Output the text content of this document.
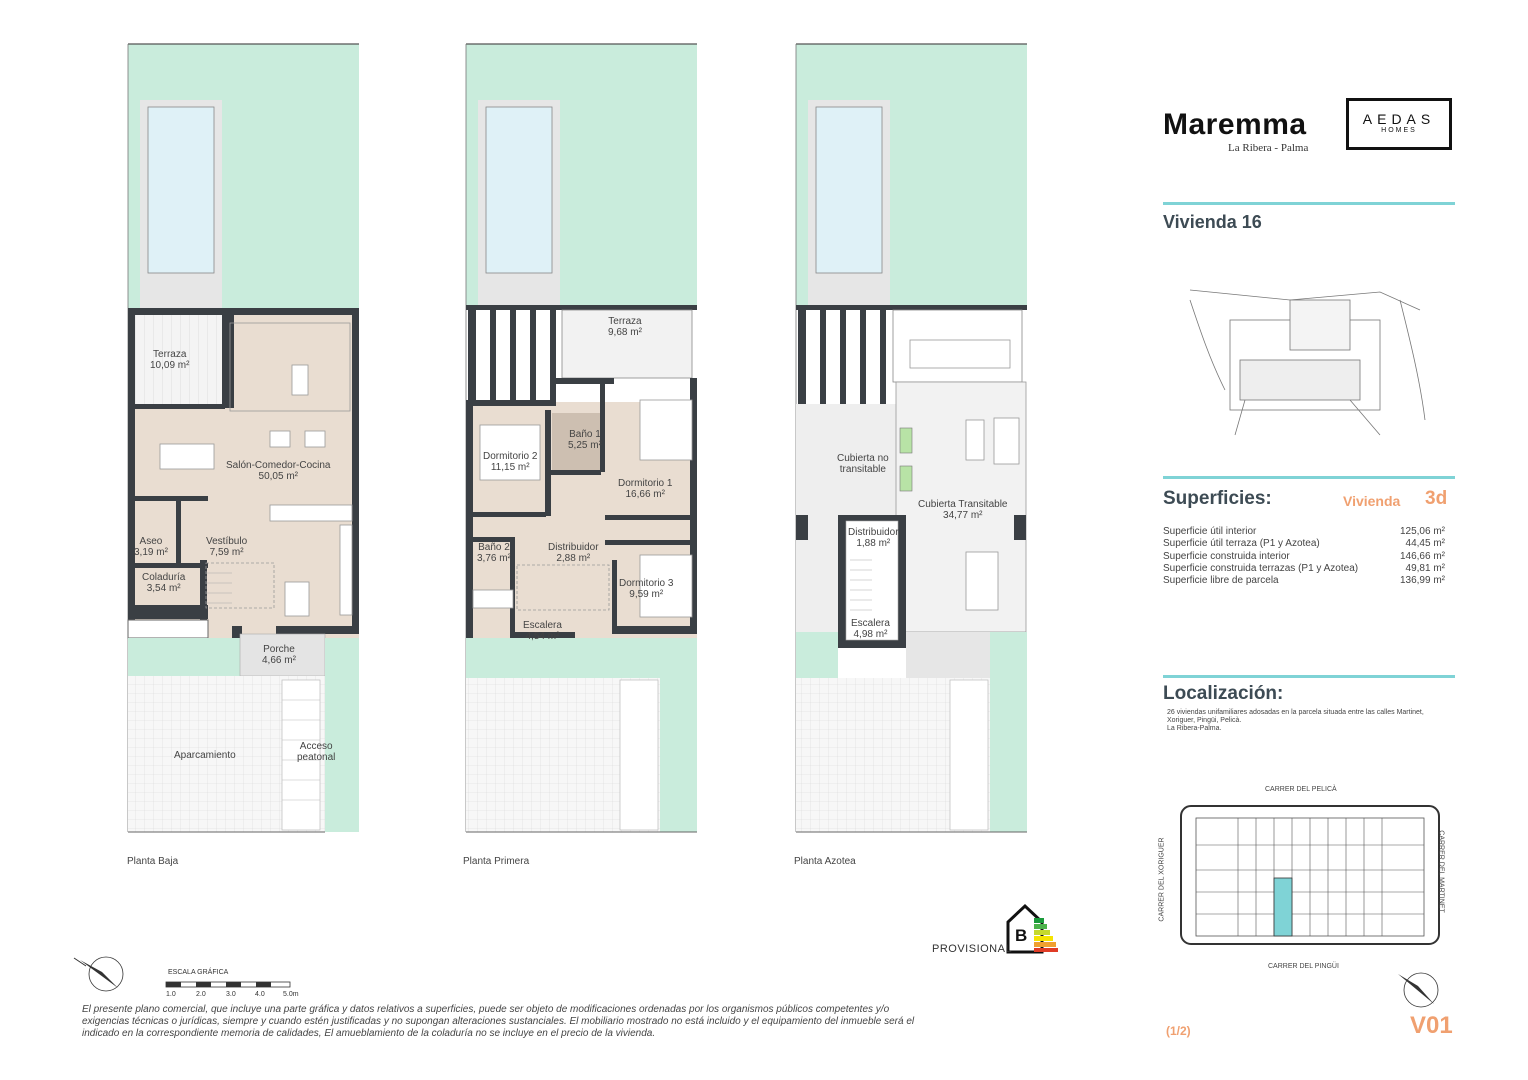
Terraza
10,09 m²
Salón-Comedor-Cocina
50,05 m²
Aseo
3,19 m²
Vestíbulo
7,59 m²
Coladuría
3,54 m²
Porche
4,66 m²
Aparcamiento
Acceso
peatonal
Planta Baja
Terraza
9,68 m²
Baño 1
5,25 m²
Dormitorio 2
11,15 m²
Dormitorio 1
16,66 m²
Baño 2
3,76 m²
Distribuidor
2,88 m²
Dormitorio 3
9,59 m²
Escalera
4,54 m²
Planta Primera
Cubierta no
transitable
Cubierta Transitable
34,77 m²
Distribuidor
1,88 m²
Escalera
4,98 m²
Planta Azotea
Maremma
La Ribera - Palma
AEDAS
HOMES
Vivienda 16
Superficies:	Vivienda 3d
Superficie útil interior	125,06 m²
Superficie útil terraza (P1 y Azotea)	44,45 m²
Superficie construida interior	146,66 m²
Superficie construida terrazas (P1 y Azotea)	49,81 m²
Superficie libre de parcela	136,99 m²
Localización:
26 viviendas unifamiliares adosadas en la parcela situada entre las calles Martinet,
Xoriguer, Pingüi, Pelicà.
La Ribera-Palma.
CARRER DEL PELICÀ
CARRER DEL PINGÜI
CARRER DEL XORIGUER	CARRER DEL MARTINET
ESCALA GRÁFICA
1.0	2.0	3.0	4.0	5.0m
PROVISIONAL
B
El presente plano comercial, que incluye una parte gráfica y datos relativos a superficies, puede ser objeto de modificaciones ordenadas por los organismos públicos competentes y/o exigencias técnicas o jurídicas, siempre y cuando estén justificadas y no supongan alteraciones sustanciales. El mobiliario mostrado no está incluido y el equipamiento del inmueble será el indicado en la correspondiente memoria de calidades, El amueblamiento de la coladuría no se incluye en el precio de la vivienda.	(1/2)	V01
